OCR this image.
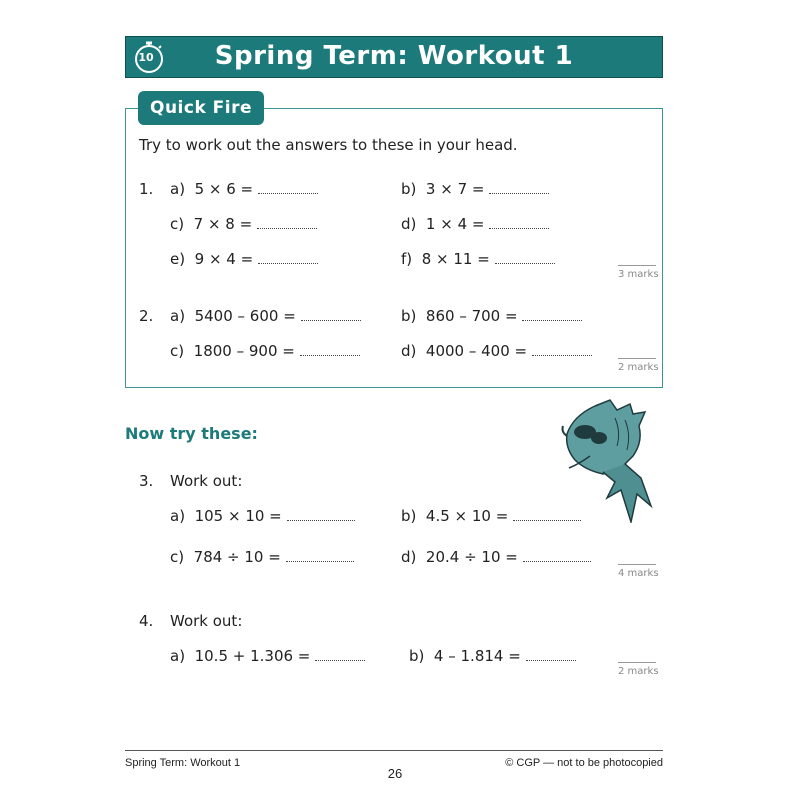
10	Spring Term: Workout 1
Quick Fire
Try to work out the answers to these in your head.
1. a) 5 × 6 =	b) 3 × 7 =
c) 7 × 8 =	d) 1 × 4 =
e) 9 × 4 =	f) 8 × 11 =
3 marks
2. a) 5400 – 600 =	b) 860 – 700 =
c) 1800 – 900 =	d) 4000 – 400 =
2 marks
Now try these:
3. Work out:
a) 105 × 10 =	b) 4.5 × 10 =
c) 784 ÷ 10 =	d) 20.4 ÷ 10 =
4 marks
4. Work out:
a) 10.5 + 1.306 =	b) 4 – 1.814 =
2 marks
Spring Term: Workout 1
26
© CGP — not to be photocopied
